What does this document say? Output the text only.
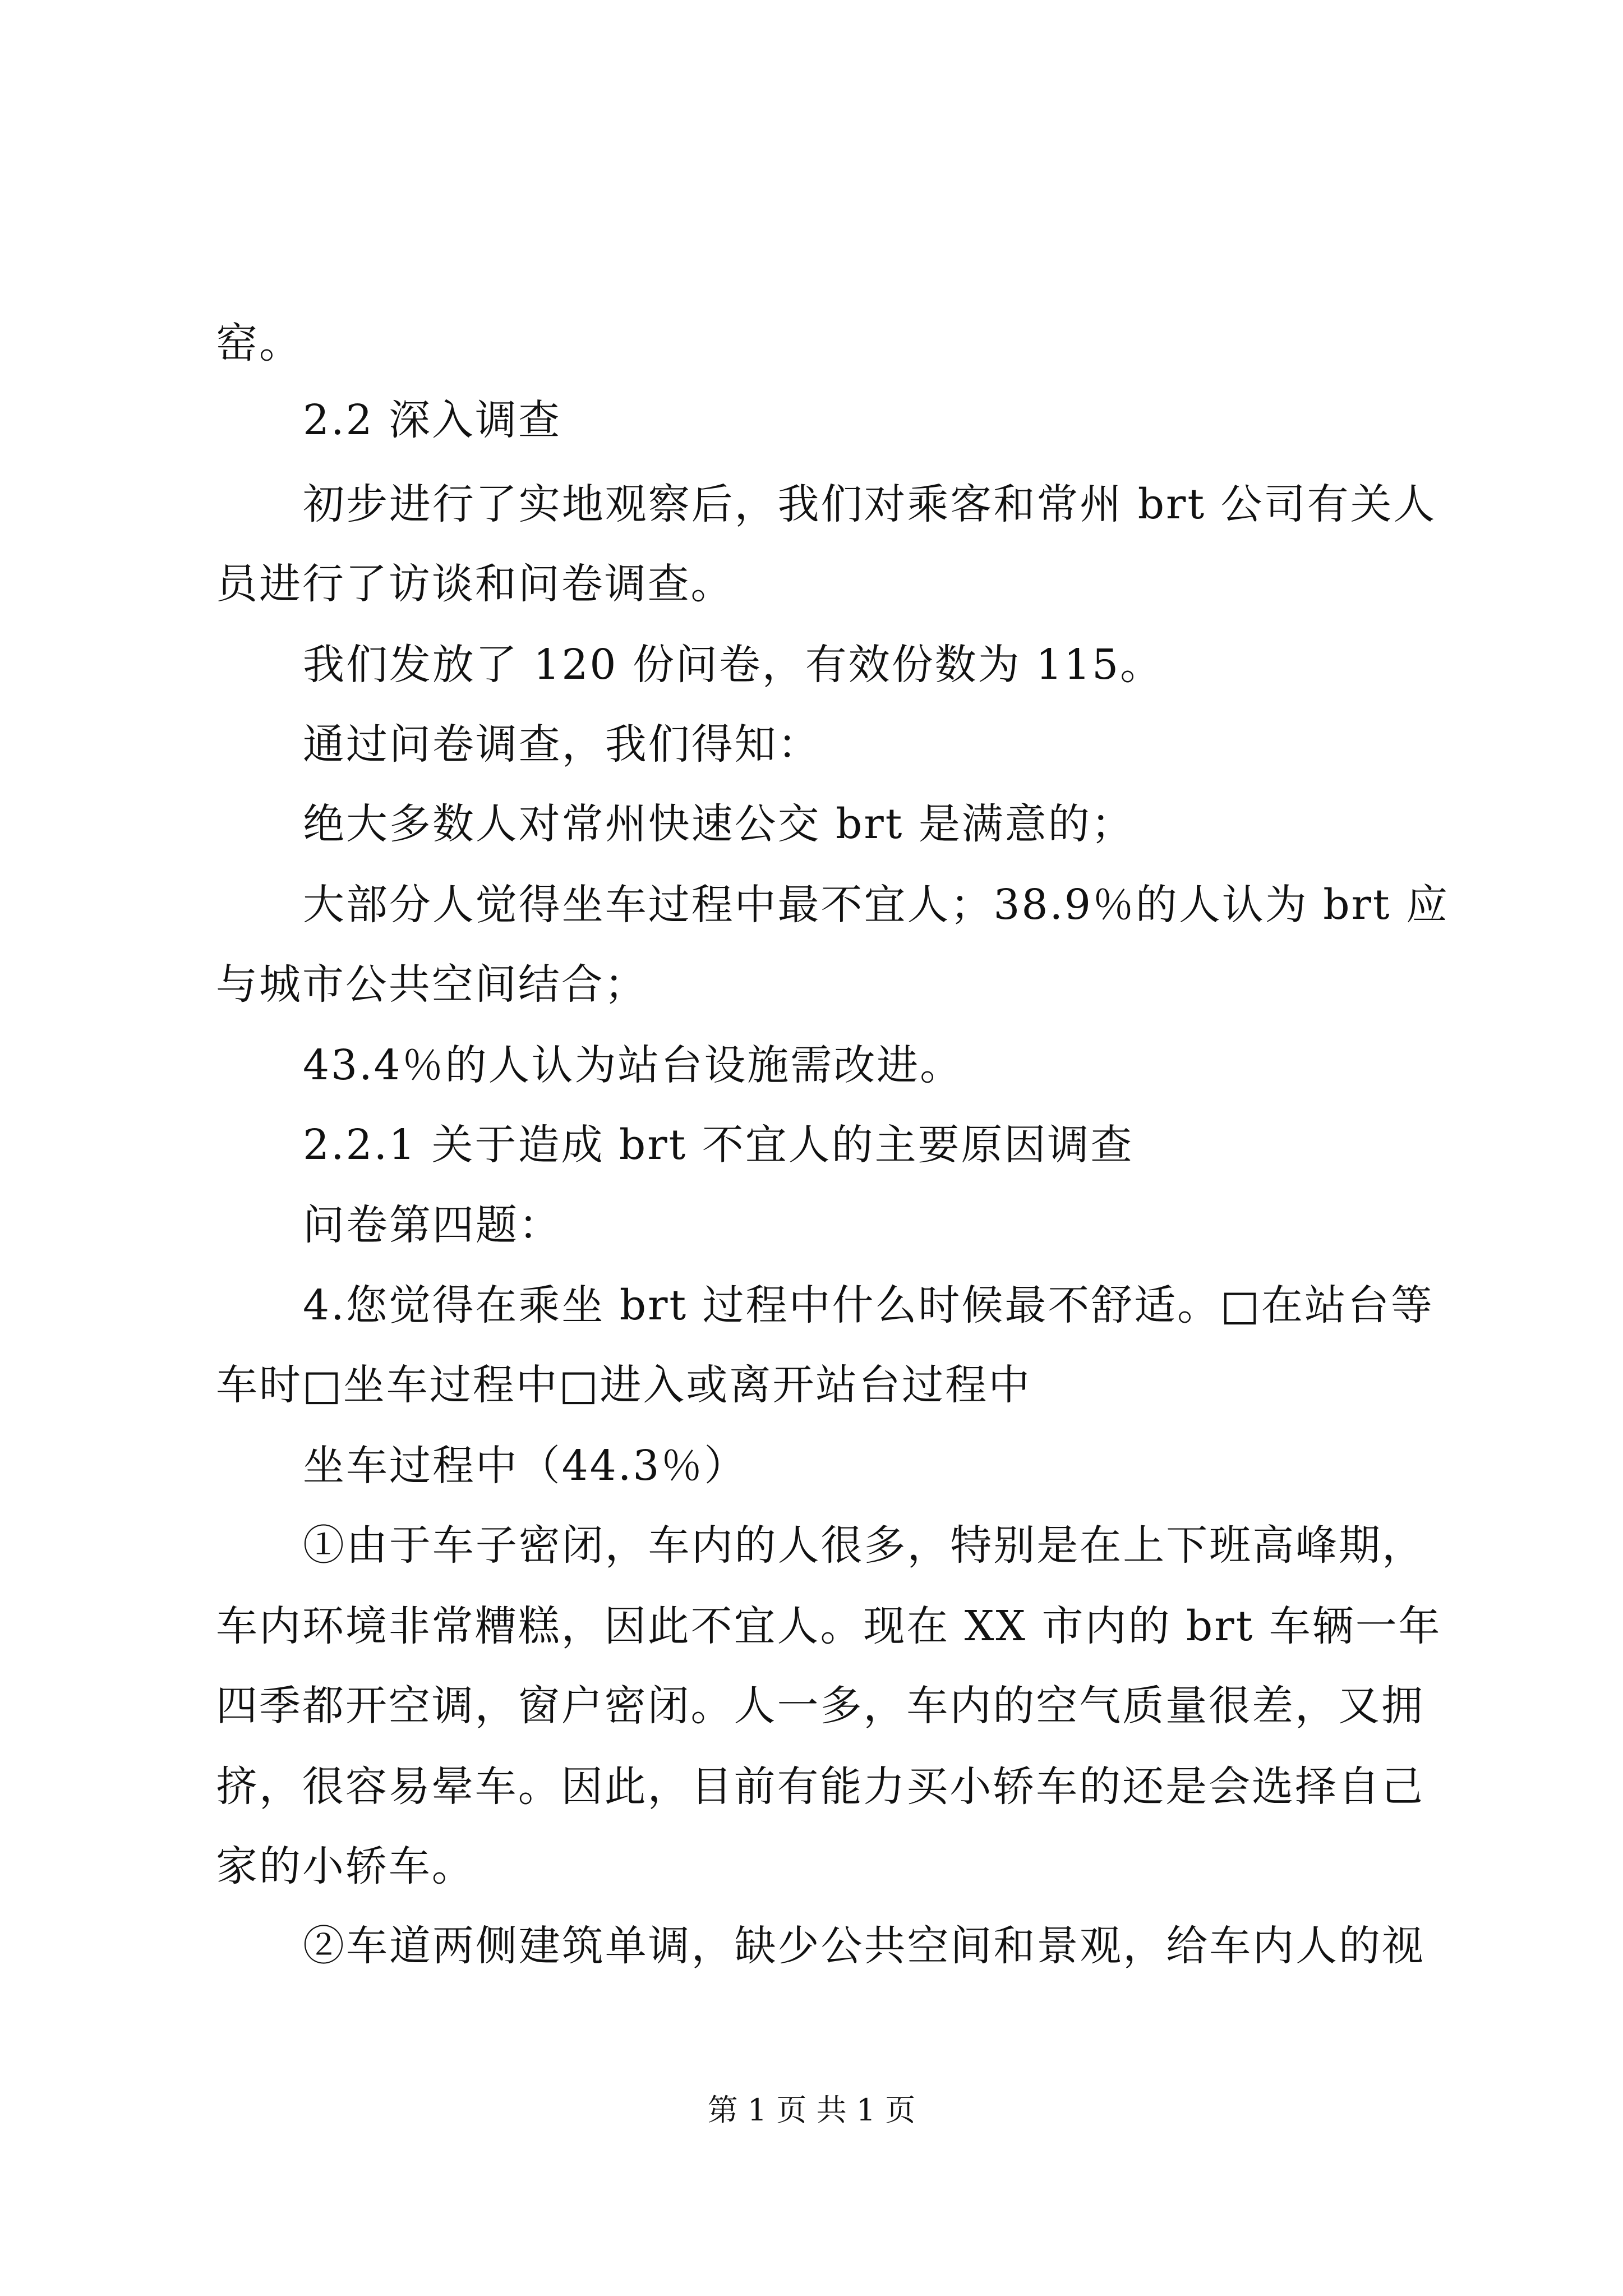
窑。
2.2 深入调查
初步进行了实地观察后，我们对乘客和常州 brt 公司有关人
员进行了访谈和问卷调查。
我们发放了 120 份问卷，有效份数为 115。
通过问卷调查，我们得知：
绝大多数人对常州快速公交 brt 是满意的；
大部分人觉得坐车过程中最不宜人；38.9％的人认为 brt 应
与城市公共空间结合；
43.4％的人认为站台设施需改进。
2.2.1 关于造成 brt 不宜人的主要原因调查
问卷第四题：
4.您觉得在乘坐 brt 过程中什么时候最不舒适。□在站台等
车时□坐车过程中□进入或离开站台过程中
坐车过程中（44.3％）
①由于车子密闭，车内的人很多，特别是在上下班高峰期，
车内环境非常糟糕，因此不宜人。现在 XX 市内的 brt 车辆一年
四季都开空调，窗户密闭。人一多，车内的空气质量很差，又拥
挤，很容易晕车。因此，目前有能力买小轿车的还是会选择自己
家的小轿车。
②车道两侧建筑单调，缺少公共空间和景观，给车内人的视
第 1 页 共 1 页
